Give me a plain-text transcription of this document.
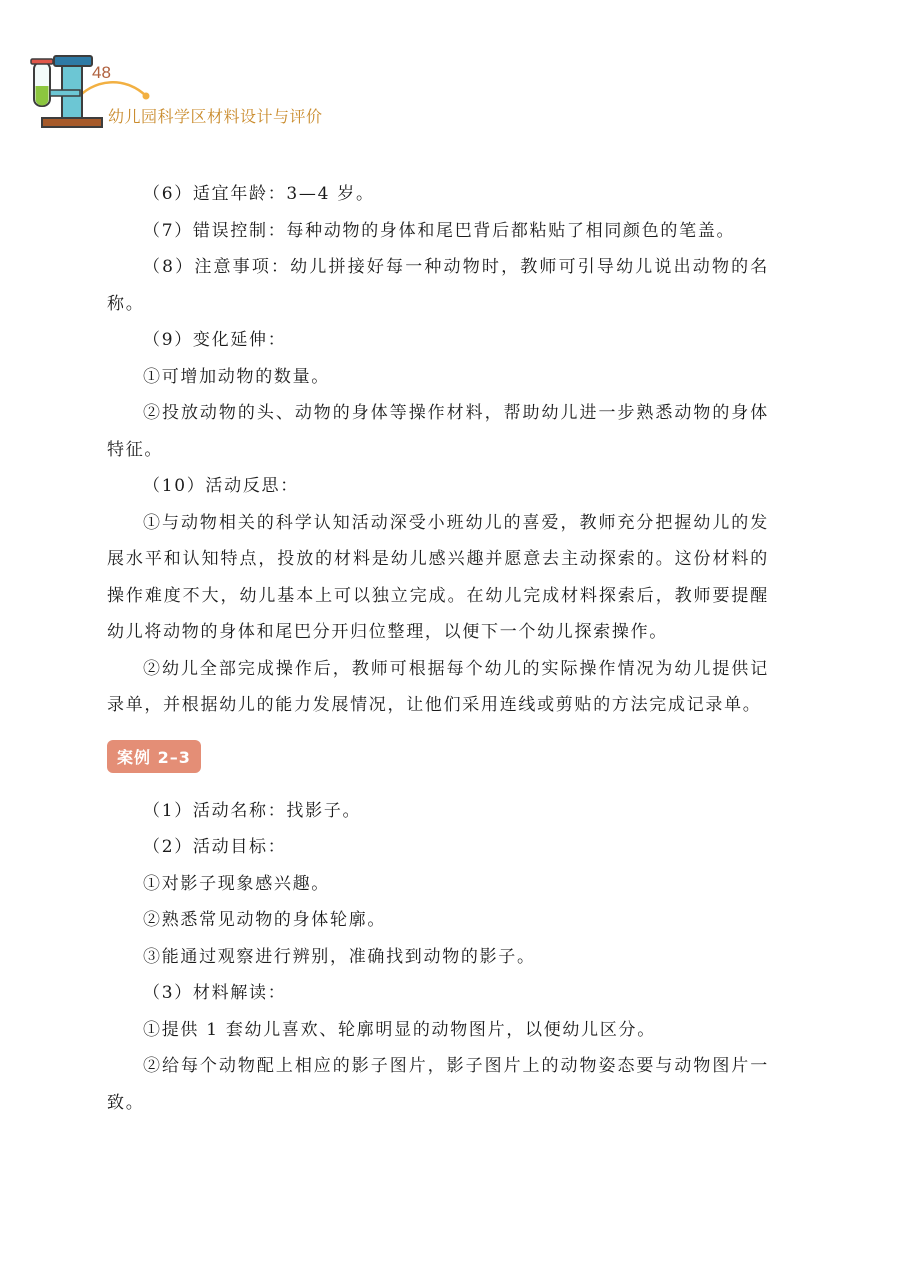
48
幼儿园科学区材料设计与评价

（6）适宜年龄：3—4 岁。

（7）错误控制：每种动物的身体和尾巴背后都粘贴了相同颜色的笔盖。

（8）注意事项：幼儿拼接好每一种动物时，教师可引导幼儿说出动物的名称。

（9）变化延伸：

①可增加动物的数量。

②投放动物的头、动物的身体等操作材料，帮助幼儿进一步熟悉动物的身体特征。

（10）活动反思：

①与动物相关的科学认知活动深受小班幼儿的喜爱，教师充分把握幼儿的发展水平和认知特点，投放的材料是幼儿感兴趣并愿意去主动探索的。这份材料的操作难度不大，幼儿基本上可以独立完成。在幼儿完成材料探索后，教师要提醒幼儿将动物的身体和尾巴分开归位整理，以便下一个幼儿探索操作。

②幼儿全部完成操作后，教师可根据每个幼儿的实际操作情况为幼儿提供记录单，并根据幼儿的能力发展情况，让他们采用连线或剪贴的方法完成记录单。

案例 2–3

（1）活动名称：找影子。

（2）活动目标：

①对影子现象感兴趣。

②熟悉常见动物的身体轮廓。

③能通过观察进行辨别，准确找到动物的影子。

（3）材料解读：

①提供 1 套幼儿喜欢、轮廓明显的动物图片，以便幼儿区分。

②给每个动物配上相应的影子图片，影子图片上的动物姿态要与动物图片一致。
